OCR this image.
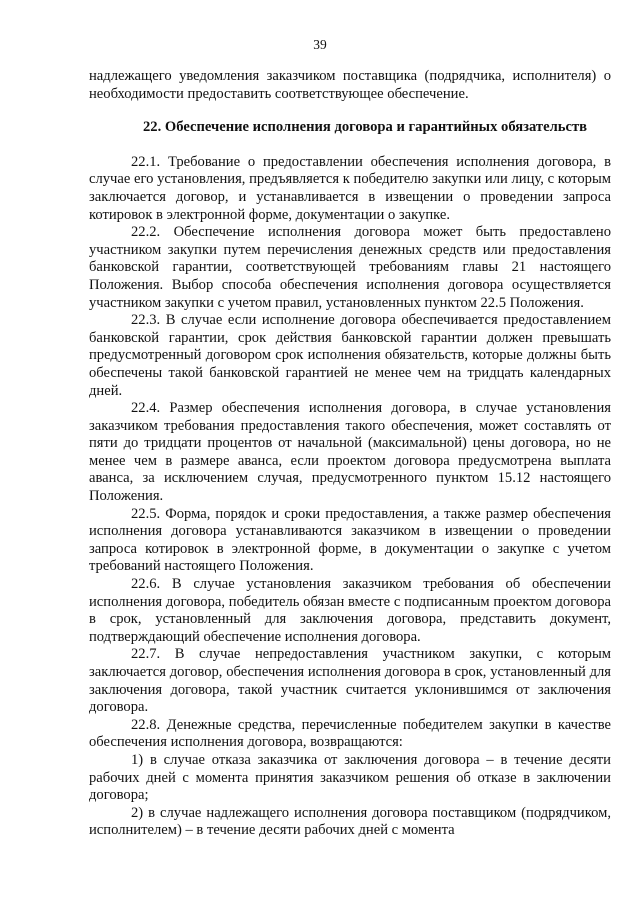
39

надлежащего уведомления заказчиком поставщика (подрядчика, исполнителя) о необходимости предоставить соответствующее обеспечение.

22. Обеспечение исполнения договора и гарантийных обязательств

22.1. Требование о предоставлении обеспечения исполнения договора, в случае его установления, предъявляется к победителю закупки или лицу, с которым заключается договор, и устанавливается в извещении о проведении запроса котировок в электронной форме, документации о закупке.

22.2. Обеспечение исполнения договора может быть предоставлено участником закупки путем перечисления денежных средств или предоставления банковской гарантии, соответствующей требованиям главы 21 настоящего Положения. Выбор способа обеспечения исполнения договора осуществляется участником закупки с учетом правил, установленных пунктом 22.5 Положения.

22.3. В случае если исполнение договора обеспечивается предоставлением банковской гарантии, срок действия банковской гарантии должен превышать предусмотренный договором срок исполнения обязательств, которые должны быть обеспечены такой банковской гарантией не менее чем на тридцать календарных дней.

22.4. Размер обеспечения исполнения договора, в случае установления заказчиком требования предоставления такого обеспечения, может составлять от пяти до тридцати процентов от начальной (максимальной) цены договора, но не менее чем в размере аванса, если проектом договора предусмотрена выплата аванса, за исключением случая, предусмотренного пунктом 15.12 настоящего Положения.

22.5. Форма, порядок и сроки предоставления, а также размер обеспечения исполнения договора устанавливаются заказчиком в извещении о проведении запроса котировок в электронной форме, в документации о закупке с учетом требований настоящего Положения.

22.6. В случае установления заказчиком требования об обеспечении исполнения договора, победитель обязан вместе с подписанным проектом договора в срок, установленный для заключения договора, представить документ, подтверждающий обеспечение исполнения договора.

22.7. В случае непредоставления участником закупки, с которым заключается договор, обеспечения исполнения договора в срок, установленный для заключения договора, такой участник считается уклонившимся от заключения договора.

22.8. Денежные средства, перечисленные победителем закупки в качестве обеспечения исполнения договора, возвращаются:

1) в случае отказа заказчика от заключения договора – в течение десяти рабочих дней с момента принятия заказчиком решения об отказе в заключении договора;

2) в случае надлежащего исполнения договора поставщиком (подрядчиком, исполнителем) – в течение десяти рабочих дней с момента
